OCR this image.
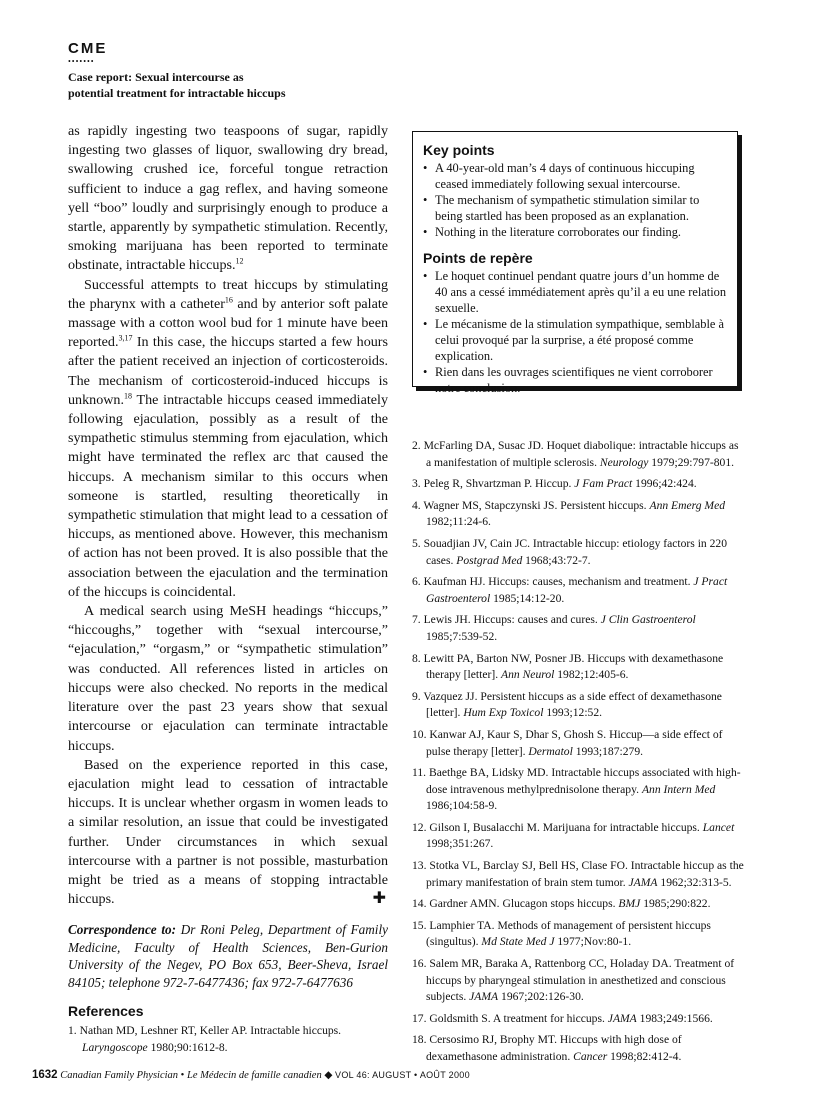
CME

•••••••

Case report: Sexual intercourse as
potential treatment for intractable hiccups

as rapidly ingesting two teaspoons of sugar, rapidly ingesting two glasses of liquor, swallowing dry bread, swallowing crushed ice, forceful tongue retraction sufficient to induce a gag reflex, and having someone yell “boo” loudly and surprisingly enough to produce a startle, apparently by sympathetic stimulation. Recently, smoking marijuana has been reported to terminate obstinate, intractable hiccups.$^{12}$

Successful attempts to treat hiccups by stimulating the pharynx with a catheter$^{16}$ and by anterior soft palate massage with a cotton wool bud for 1 minute have been reported.$^{3,17}$ In this case, the hiccups started a few hours after the patient received an injection of corticosteroids. The mechanism of corticosteroid-induced hiccups is unknown.$^{18}$ The intractable hiccups ceased immediately following ejaculation, possibly as a result of the sympathetic stimulus stemming from ejaculation, which might have terminated the reflex arc that caused the hiccups. A mechanism similar to this occurs when someone is startled, resulting theoretically in sympathetic stimulation that might lead to a cessation of hiccups, as mentioned above. However, this mechanism of action has not been proved. It is also possible that the association between the ejaculation and the termination of the hiccups is coincidental.

A medical search using MeSH headings “hiccups,” “hiccoughs,” together with “sexual intercourse,” “ejaculation,” “orgasm,” or “sympathetic stimulation” was conducted. All references listed in articles on hiccups were also checked. No reports in the medical literature over the past 23 years show that sexual intercourse or ejaculation can terminate intractable hiccups.

Based on the experience reported in this case, ejaculation might lead to cessation of intractable hiccups. It is unclear whether orgasm in women leads to a similar resolution, an issue that could be investigated further. Under circumstances in which sexual intercourse with a partner is not possible, masturbation might be tried as a means of stopping intractable hiccups.	✚

Correspondence to: Dr Roni Peleg, Department of Family Medicine, Faculty of Health Sciences, Ben-Gurion University of the Negev, PO Box 653, Beer-Sheva, Israel 84105; telephone 972-7-6477436; fax 972-7-6477636

References
1. Nathan MD, Leshner RT, Keller AP. Intractable hiccups. Laryngoscope 1980;90:1612-8.

Key points

• A 40-year-old man’s 4 days of continuous hiccuping ceased immediately following sexual intercourse.
• The mechanism of sympathetic stimulation similar to being startled has been proposed as an explanation.
• Nothing in the literature corroborates our finding.

Points de repère

• Le hoquet continuel pendant quatre jours d’un homme de 40 ans a cessé immédiatement après qu’il a eu une relation sexuelle.
• Le mécanisme de la stimulation sympathique, semblable à celui provoqué par la surprise, a été proposé comme explication.
• Rien dans les ouvrages scientifiques ne vient corroborer notre conclusion.
2. McFarling DA, Susac JD. Hoquet diabolique: intractable hiccups as a manifestation of multiple sclerosis. Neurology 1979;29:797-801.
3. Peleg R, Shvartzman P. Hiccup. J Fam Pract 1996;42:424.
4. Wagner MS, Stapczynski JS. Persistent hiccups. Ann Emerg Med 1982;11:24-6.
5. Souadjian JV, Cain JC. Intractable hiccup: etiology factors in 220 cases. Postgrad Med 1968;43:72-7.
6. Kaufman HJ. Hiccups: causes, mechanism and treatment. J Pract Gastroenterol 1985;14:12-20.
7. Lewis JH. Hiccups: causes and cures. J Clin Gastroenterol 1985;7:539-52.
8. Lewitt PA, Barton NW, Posner JB. Hiccups with dexamethasone therapy [letter]. Ann Neurol 1982;12:405-6.
9. Vazquez JJ. Persistent hiccups as a side effect of dexamethasone [letter]. Hum Exp Toxicol 1993;12:52.
10. Kanwar AJ, Kaur S, Dhar S, Ghosh S. Hiccup—a side effect of pulse therapy [letter]. Dermatol 1993;187:279.
11. Baethge BA, Lidsky MD. Intractable hiccups associated with high-dose intravenous methylprednisolone therapy. Ann Intern Med 1986;104:58-9.
12. Gilson I, Busalacchi M. Marijuana for intractable hiccups. Lancet 1998;351:267.
13. Stotka VL, Barclay SJ, Bell HS, Clase FO. Intractable hiccup as the primary manifestation of brain stem tumor. JAMA 1962;32:313-5.
14. Gardner AMN. Glucagon stops hiccups. BMJ 1985;290:822.
15. Lamphier TA. Methods of management of persistent hiccups (singultus). Md State Med J 1977;Nov:80-1.
16. Salem MR, Baraka A, Rattenborg CC, Holaday DA. Treatment of hiccups by pharyngeal stimulation in anesthetized and conscious subjects. JAMA 1967;202:126-30.
17. Goldsmith S. A treatment for hiccups. JAMA 1983;249:1566.
18. Cersosimo RJ, Brophy MT. Hiccups with high dose of dexamethasone administration. Cancer 1998;82:412-4.
1632 Canadian Family Physician • Le Médecin de famille canadien ◆ VOL 46: AUGUST • AOÛT 2000
